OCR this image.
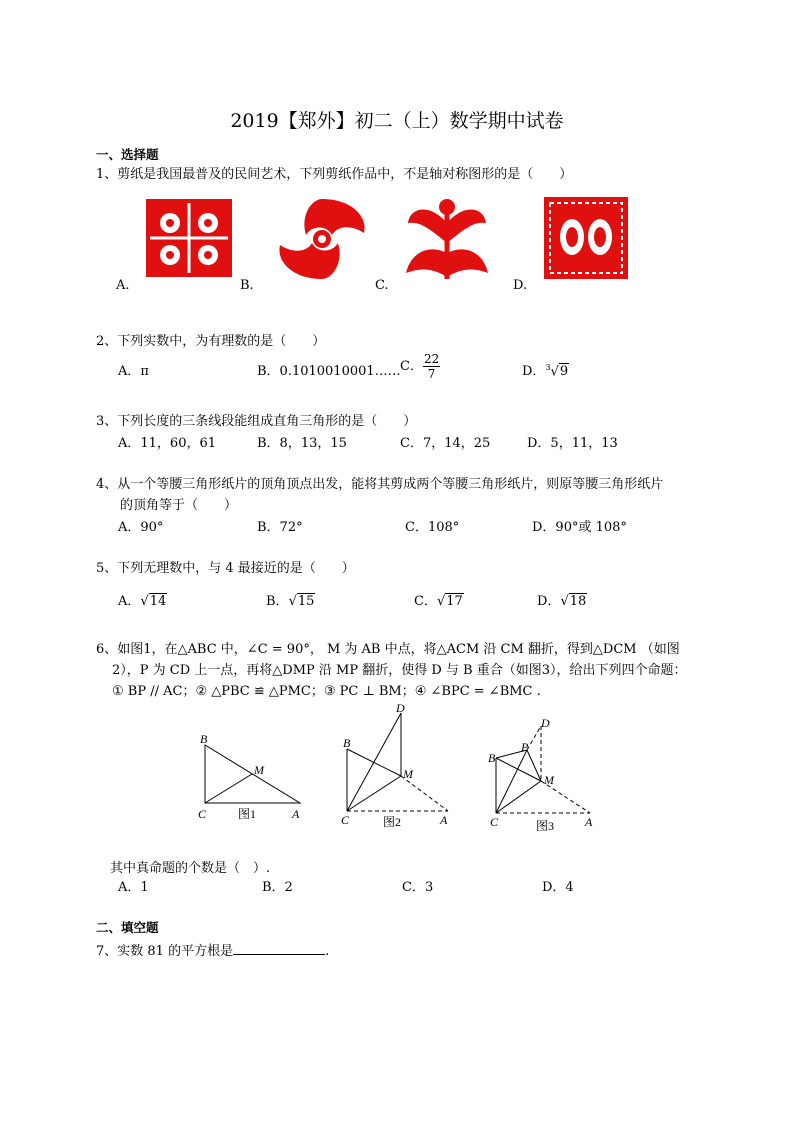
2019【郑外】初二（上）数学期中试卷
一、选择题
1、剪纸是我国最普及的民间艺术，下列剪纸作品中，不是轴对称图形的是（　　）
A.	B.	C.	D.
2、下列实数中，为有理数的是（　　）
A．π	B．0.1010010001…… C． $\frac{22}{7}$	D．$^3$√9
3、下列长度的三条线段能组成直角三角形的是（　　）
A．11，60，61	B．8，13，15	C．7，14，25	D．5，11，13
4、从一个等腰三角形纸片的顶角顶点出发，能将其剪成两个等腰三角形纸片，则原等腰三角形纸片
的顶角等于（　　）
A．90°	B．72°	C．108°	D．90°或 108°
5、下列无理数中，与 4 最接近的是（　　）
A．√14	B．√15	C．√17	D．√18
6、如图1，在△ABC 中，∠C = 90°， M 为 AB 中点，将△ACM 沿 CM 翻折，得到△DCM （如图
2），P 为 CD 上一点，再将△DMP 沿 MP 翻折，使得 D 与 B 重合（如图3），给出下列四个命题：
① BP // AC；② △PBC ≌ △PMC；③ PC ⊥ BM；④ ∠BPC = ∠BMC .
B
C	A
M
B
C	A
M
D
B
C	A
M
D
P
图1
图2	图3
其中真命题的个数是（　）.
A．1	B．2	C．3	D．4
二、填空题
7、实数 81 的平方根是	.
